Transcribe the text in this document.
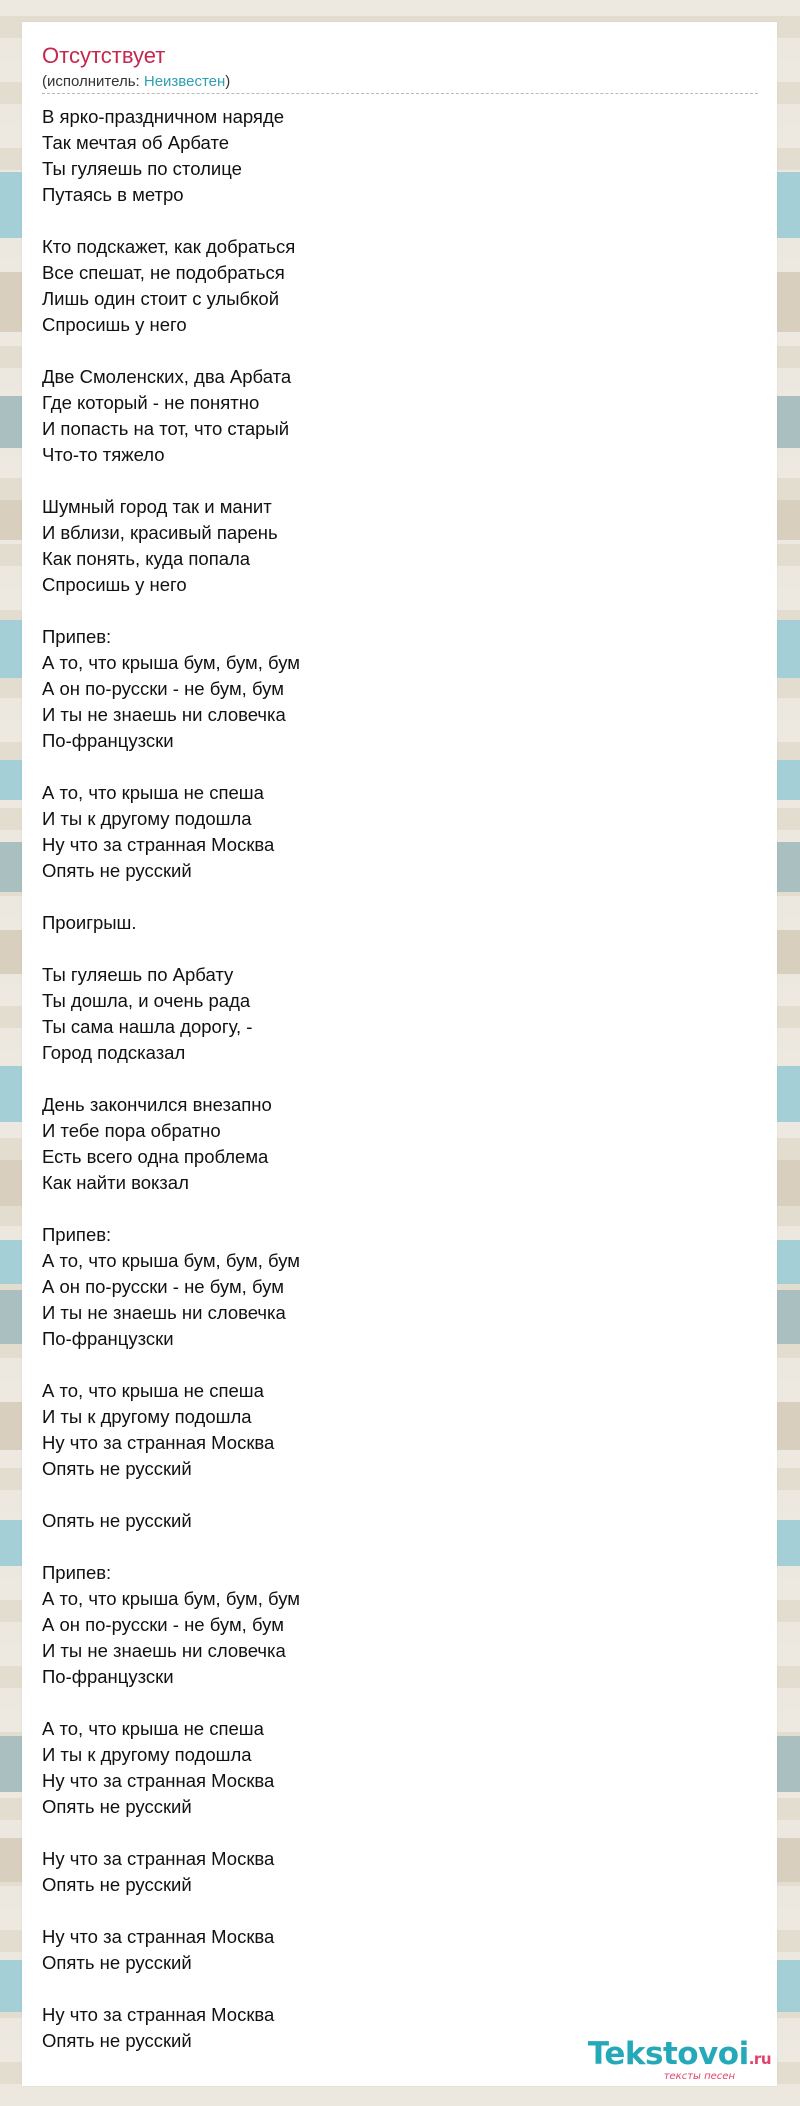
Отсутствует
(исполнитель: Неизвестен)
В ярко-праздничном наряде
Так мечтая об Арбате
Ты гуляешь по столице
Путаясь в метро

Кто подскажет, как добраться
Все спешат, не подобраться
Лишь один стоит с улыбкой
Спросишь у него

Две Смоленских, два Арбата
Где который - не понятно
И попасть на тот, что старый
Что-то тяжело

Шумный город так и манит
И вблизи, красивый парень
Как понять, куда попала
Спросишь у него

Припев:
А то, что крыша бум, бум, бум
А он по-русски - не бум, бум
И ты не знаешь ни словечка
По-французски

А то, что крыша не спеша
И ты к другому подошла
Ну что за странная Москва
Опять не русский

Проигрыш.

Ты гуляешь по Арбату
Ты дошла, и очень рада
Ты сама нашла дорогу, -
Город подсказал

День закончился внезапно
И тебе пора обратно
Есть всего одна проблема
Как найти вокзал

Припев:
А то, что крыша бум, бум, бум
А он по-русски - не бум, бум
И ты не знаешь ни словечка
По-французски

А то, что крыша не спеша
И ты к другому подошла
Ну что за странная Москва
Опять не русский

Опять не русский

Припев:
А то, что крыша бум, бум, бум
А он по-русски - не бум, бум
И ты не знаешь ни словечка
По-французски

А то, что крыша не спеша
И ты к другому подошла
Ну что за странная Москва
Опять не русский

Ну что за странная Москва
Опять не русский

Ну что за странная Москва
Опять не русский

Ну что за странная Москва
Опять не русский	Tekstovoi.ru
тексты песен
